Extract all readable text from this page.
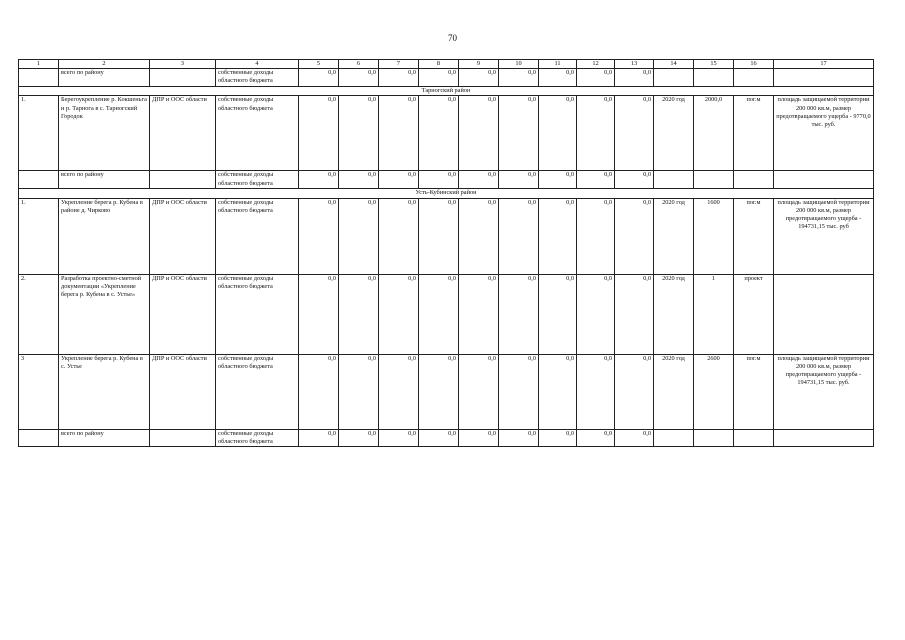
70
1	2	3	4	5	6	7	8	9	10	11	12	13	14	15	16	17
	всего по району		собственные доходы областного бюджета	0,0	0,0	0,0	0,0	0,0	0,0	0,0	0,0	0,0				
Тарногский район																
1.	Берегоукрепление р. Кокшеньга и р. Тарнога в с. Тарногский Городок	ДПР и ООС области	собственные доходы областного бюджета	0,0	0,0	0,0	0,0	0,0	0,0	0,0	0,0	0,0	2020 год	2000,0	пог.м	площадь защищаемой территории 200 000 кв.м, размер предотвращаемого ущерба - 9770,0 тыс. руб.
	всего по району		собственные доходы областного бюджета	0,0	0,0	0,0	0,0	0,0	0,0	0,0	0,0	0,0				
Усть-Кубинский район																
1.	Укрепление берега р. Кубена в районе д. Чирково	ДПР и ООС области	собственные доходы областного бюджета	0,0	0,0	0,0	0,0	0,0	0,0	0,0	0,0	0,0	2020 год	1600	пог.м	площадь защищаемой территории 200 000 кв.м, размер предотвращаемого ущерба - 194731,15 тыс. руб
2.	Разработка проектно-сметной документации «Укрепление берега р. Кубена в с. Устье»	ДПР и ООС области	собственные доходы областного бюджета	0,0	0,0	0,0	0,0	0,0	0,0	0,0	0,0	0,0	2020 год	1	проект	
3	Укрепление берега р. Кубена в с. Устье	ДПР и ООС области	собственные доходы областного бюджета	0,0	0,0	0,0	0,0	0,0	0,0	0,0	0,0	0,0	2020 год	2600	пог.м	площадь защищаемой территории 200 000 кв.м, размер предотвращаемого ущерба - 194731,15 тыс. руб.
	всего по району		собственные доходы областного бюджета	0,0	0,0	0,0	0,0	0,0	0,0	0,0	0,0	0,0				
